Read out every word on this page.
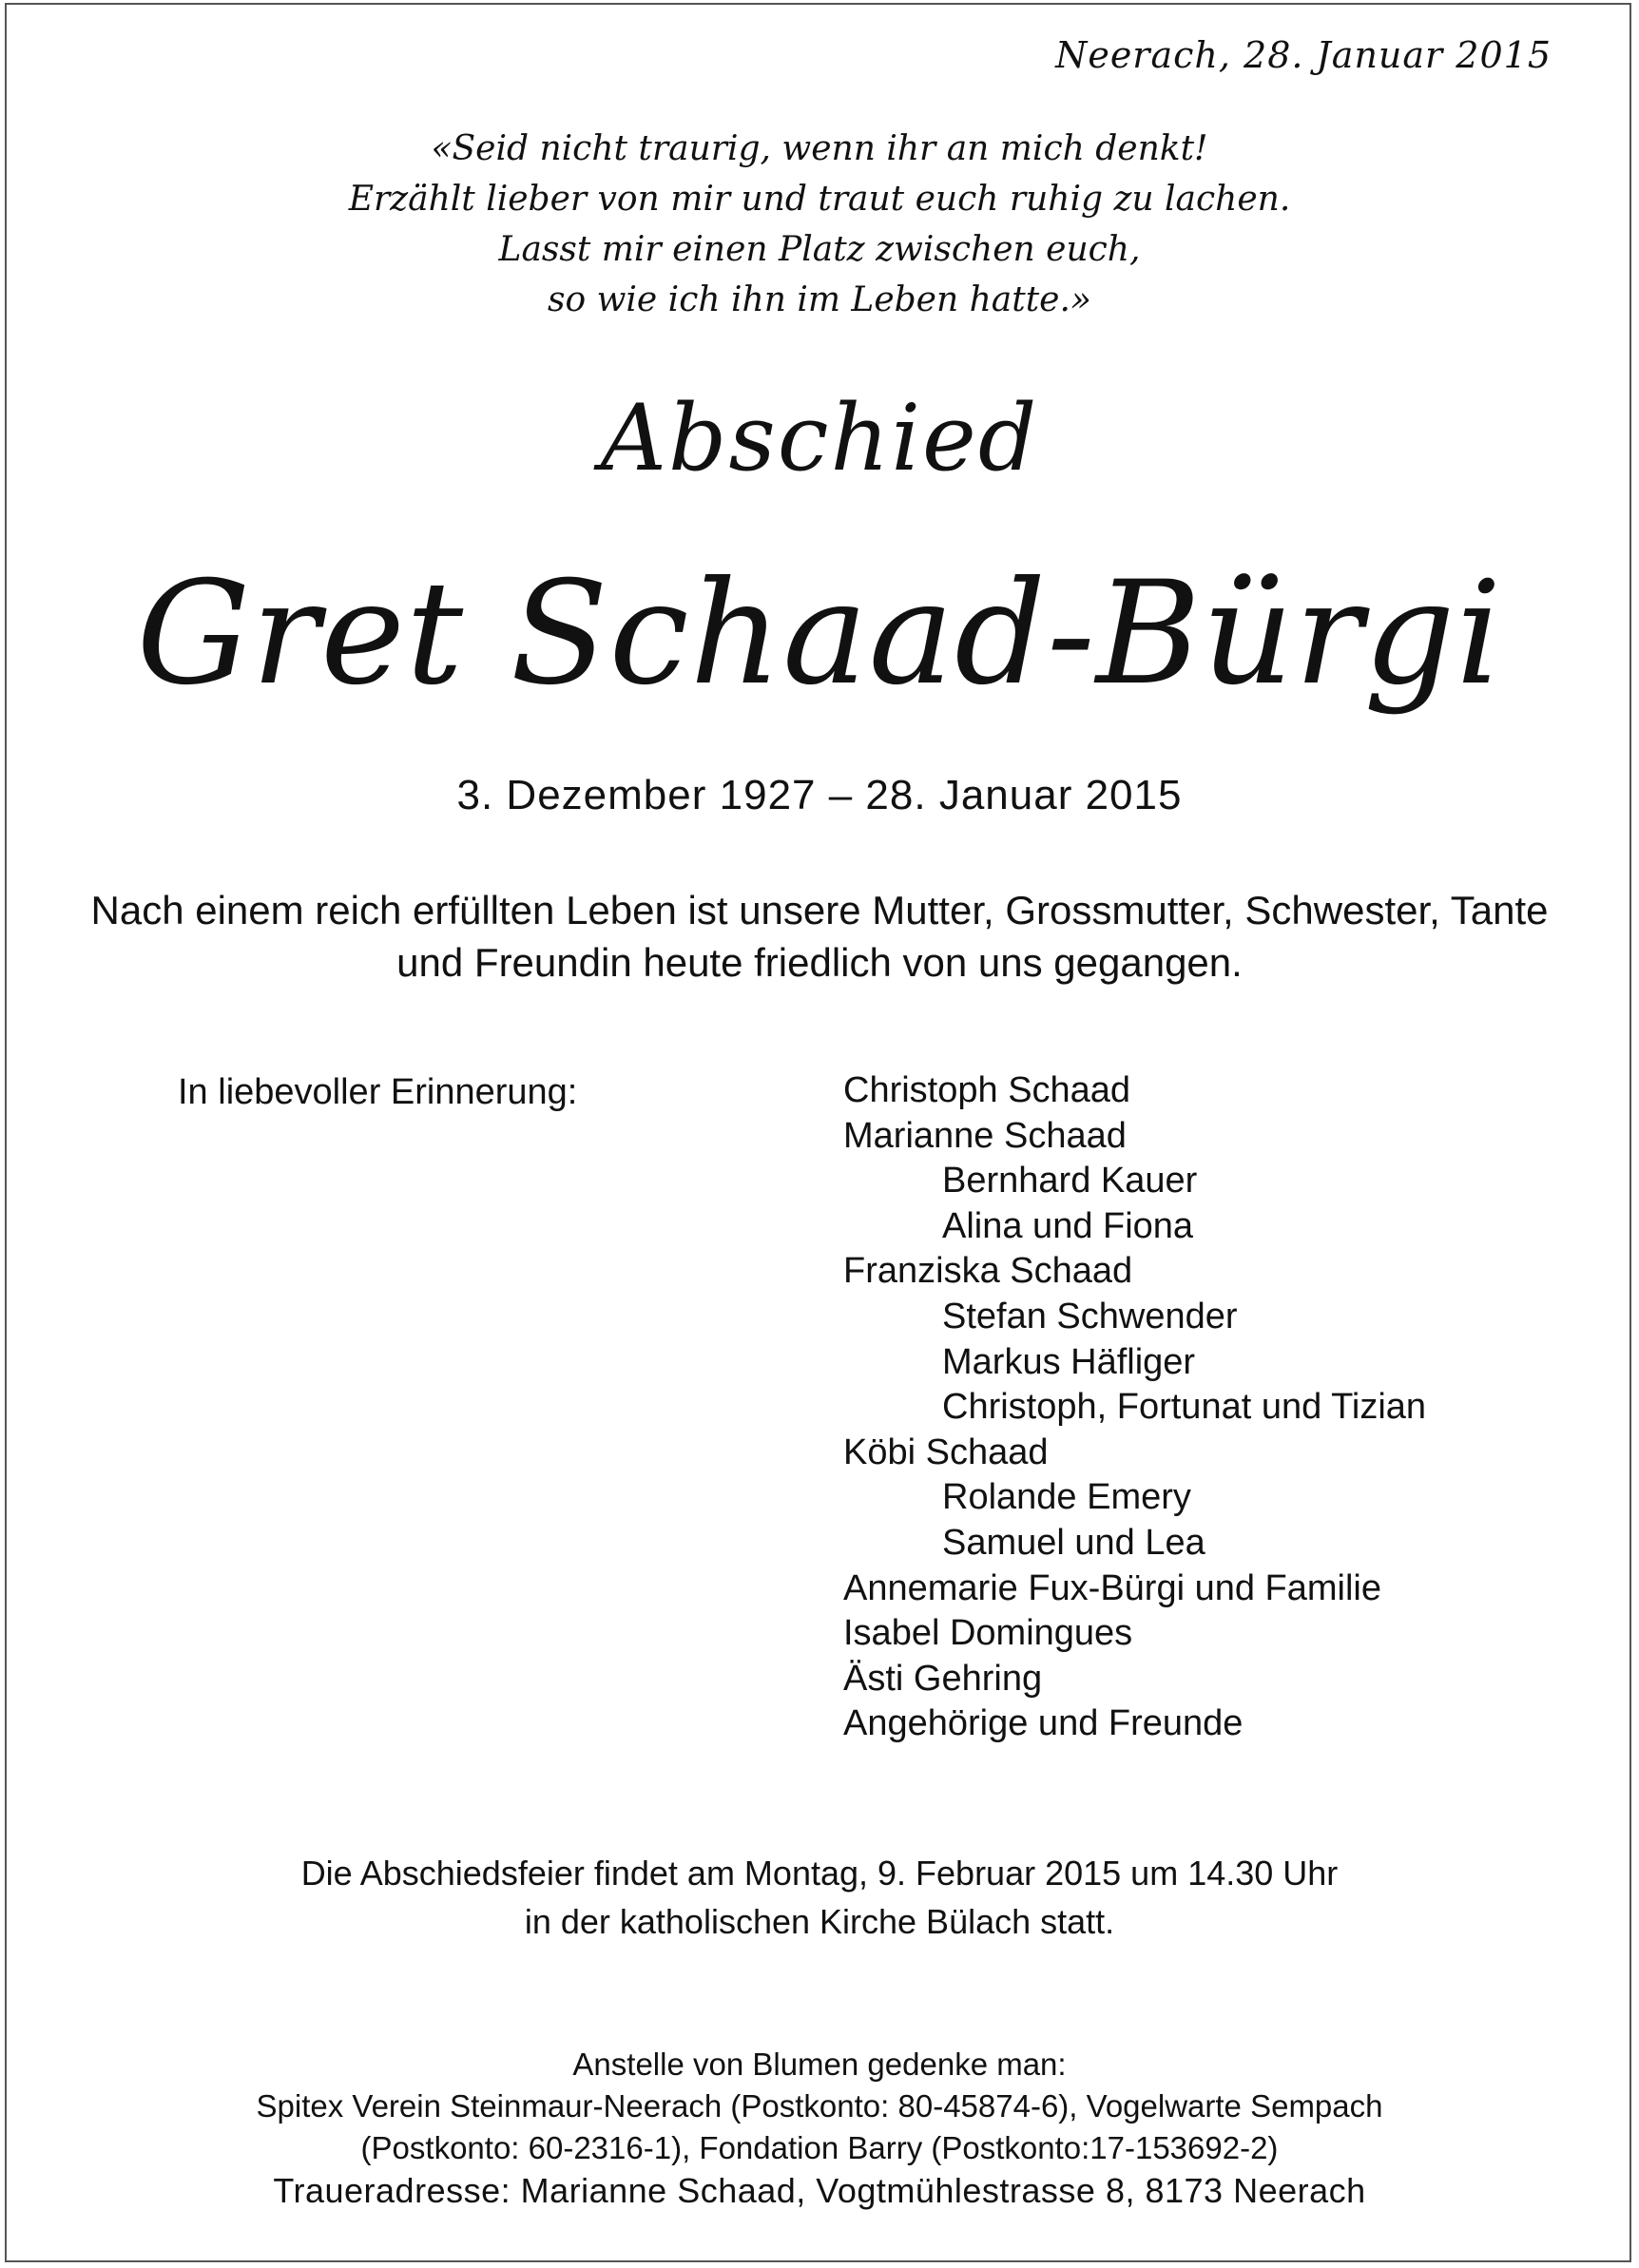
Neerach, 28. Januar 2015
«Seid nicht traurig, wenn ihr an mich denkt!
Erzählt lieber von mir und traut euch ruhig zu lachen.
Lasst mir einen Platz zwischen euch,
so wie ich ihn im Leben hatte.»
Abschied
Gret Schaad-Bürgi
3. Dezember 1927 – 28. Januar 2015
Nach einem reich erfüllten Leben ist unsere Mutter, Grossmutter, Schwester, Tante
und Freundin heute friedlich von uns gegangen.
In liebevoller Erinnerung:	Christoph Schaad
Marianne Schaad
Bernhard Kauer
Alina und Fiona
Franziska Schaad
Stefan Schwender
Markus Häfliger
Christoph, Fortunat und Tizian
Köbi Schaad
Rolande Emery
Samuel und Lea
Annemarie Fux-Bürgi und Familie
Isabel Domingues
Ästi Gehring
Angehörige und Freunde
Die Abschiedsfeier findet am Montag, 9. Februar 2015 um 14.30 Uhr
in der katholischen Kirche Bülach statt.
Anstelle von Blumen gedenke man:
Spitex Verein Steinmaur-Neerach (Postkonto: 80-45874-6), Vogelwarte Sempach
(Postkonto: 60-2316-1), Fondation Barry (Postkonto:17-153692-2)
Traueradresse: Marianne Schaad, Vogtmühlestrasse 8, 8173 Neerach
